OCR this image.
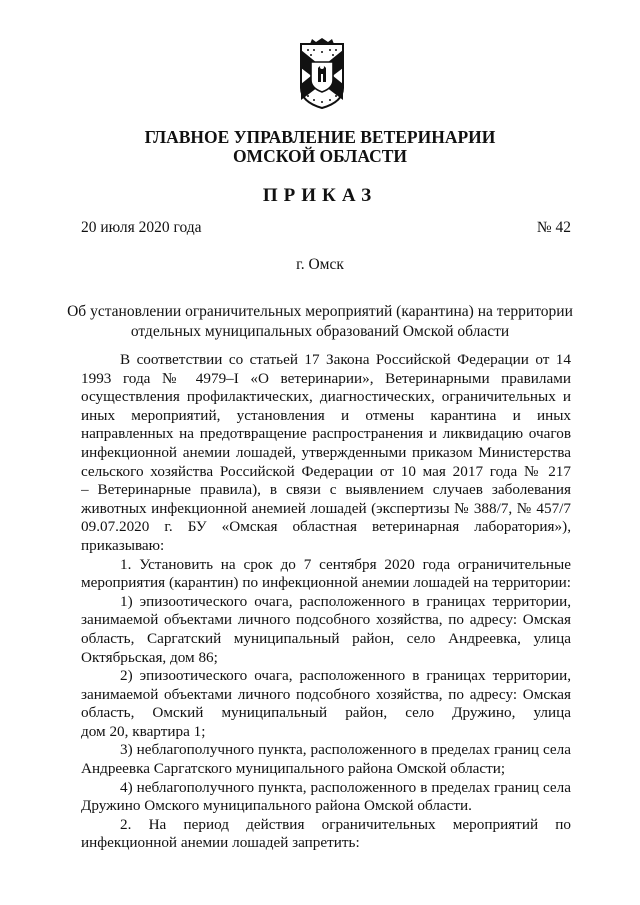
ГЛАВНОЕ УПРАВЛЕНИЕ ВЕТЕРИНАРИИ
ОМСКОЙ ОБЛАСТИ
ПРИКАЗ
20 июля 2020 года	№ 42
г. Омск
Об установлении ограничительных мероприятий (карантина) на территории
отдельных муниципальных образований Омской области
В соответствии со статьей 17 Закона Российской Федерации от 14
1993 года № 4979–I «О ветеринарии», Ветеринарными правилами
осуществления профилактических, диагностических, ограничительных и
иных мероприятий, установления и отмены карантина и иных
направленных на предотвращение распространения и ликвидацию очагов
инфекционной анемии лошадей, утвержденными приказом Министерства
сельского хозяйства Российской Федерации от 10 мая 2017 года № 217
– Ветеринарные правила), в связи с выявлением случаев заболевания
животных инфекционной анемией лошадей (экспертизы № 388/7, № 457/7
09.07.2020 г. БУ «Омская областная ветеринарная лаборатория»),
приказываю:
1. Установить на срок до 7 сентября 2020 года ограничительные
мероприятия (карантин) по инфекционной анемии лошадей на территории:
1) эпизоотического очага, расположенного в границах территории,
занимаемой объектами личного подсобного хозяйства, по адресу: Омская
область, Саргатский муниципальный район, село Андреевка, улица
Октябрьская, дом 86;
2) эпизоотического очага, расположенного в границах территории,
занимаемой объектами личного подсобного хозяйства, по адресу: Омская
область, Омский муниципальный район, село Дружино, улица
дом 20, квартира 1;
3) неблагополучного пункта, расположенного в пределах границ села
Андреевка Саргатского муниципального района Омской области;
4) неблагополучного пункта, расположенного в пределах границ села
Дружино Омского муниципального района Омской области.
2. На период действия ограничительных мероприятий по
инфекционной анемии лошадей запретить:
